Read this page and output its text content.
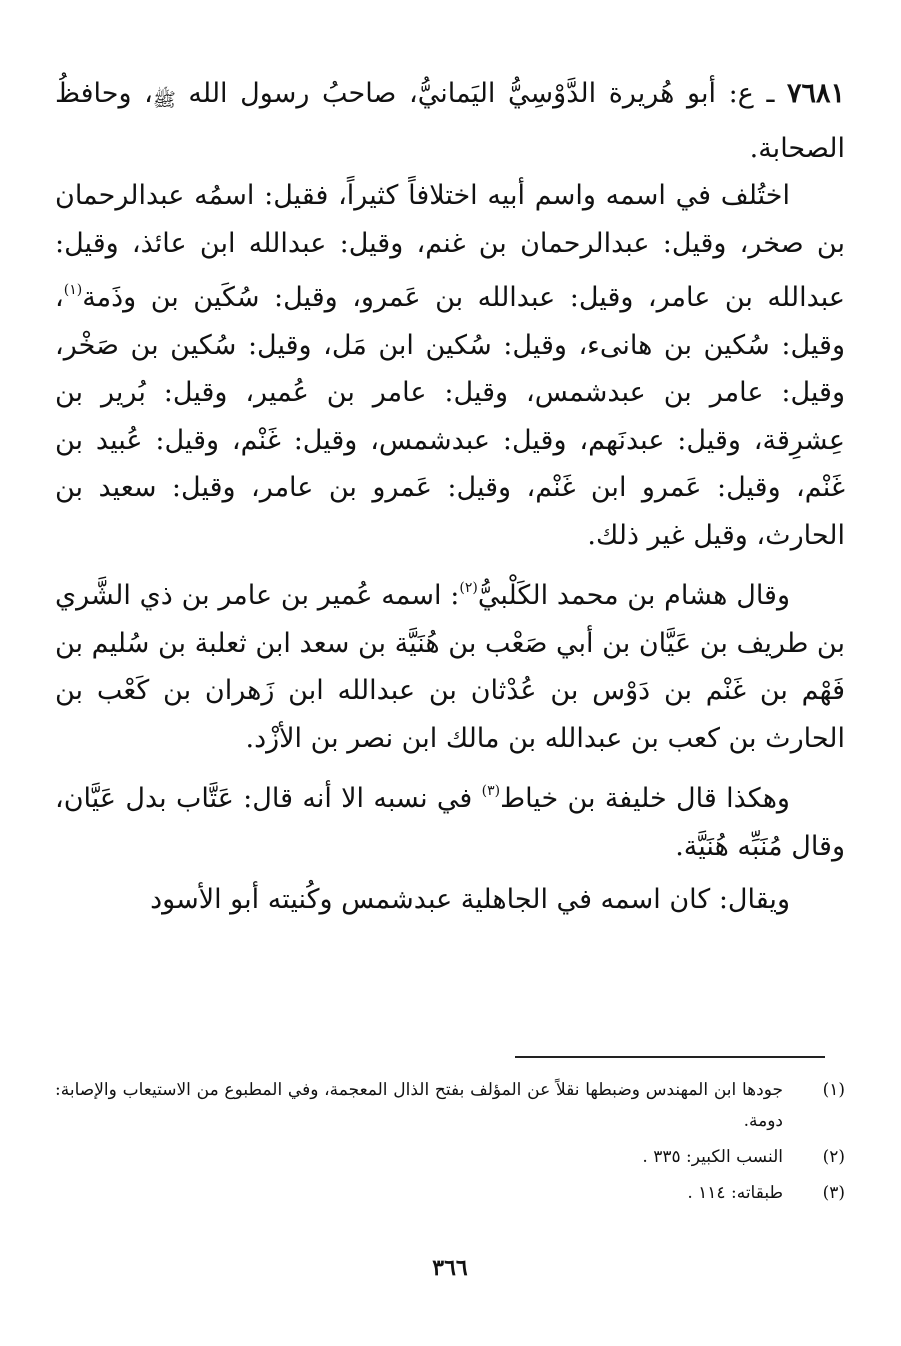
٧٦٨١ ـ ع: أبو هُريرة الدَّوْسِيُّ اليَمانيُّ، صاحبُ رسول الله ﷺ، وحافظُ الصحابة.

اختُلف في اسمه واسم أبيه اختلافاً كثيراً، فقيل: اسمُه عبدالرحمان بن صخر، وقيل: عبدالرحمان بن غنم، وقيل: عبدالله ابن عائذ، وقيل: عبدالله بن عامر، وقيل: عبدالله بن عَمرو، وقيل: سُكَين بن وذَمة$^{(١)}$، وقيل: سُكين بن هانىء، وقيل: سُكين ابن مَل، وقيل: سُكين بن صَخْر، وقيل: عامر بن عبدشمس، وقيل: عامر بن عُمير، وقيل: بُرير بن عِشرِقة، وقيل: عبدنَهم، وقيل: عبدشمس، وقيل: غَنْم، وقيل: عُبيد بن غَنْم، وقيل: عَمرو ابن غَنْم، وقيل: عَمرو بن عامر، وقيل: سعيد بن الحارث، وقيل غير ذلك.

وقال هشام بن محمد الكَلْبيُّ$^{(٢)}$: اسمه عُمير بن عامر بن ذي الشَّري بن طريف بن عَيَّان بن أبي صَعْب بن هُنَيَّة بن سعد ابن ثعلبة بن سُليم بن فَهْم بن غَنْم بن دَوْس بن عُدْثان بن عبدالله ابن زَهران بن كَعْب بن الحارث بن كعب بن عبدالله بن مالك ابن نصر بن الأزْد.

وهكذا قال خليفة بن خياط$^{(٣)}$ في نسبه الا أنه قال: عَتَّاب بدل عَيَّان، وقال مُنَبِّه هُنَيَّة.

ويقال: كان اسمه في الجاهلية عبدشمس وكُنيته أبو الأسود

(١)
جودها ابن المهندس وضبطها نقلاً عن المؤلف بفتح الذال المعجمة، وفي المطبوع من الاستيعاب والإصابة: دومة.
(٢)
النسب الكبير: ٣٣٥ .
(٣)
طبقاته: ١١٤ .
٣٦٦
